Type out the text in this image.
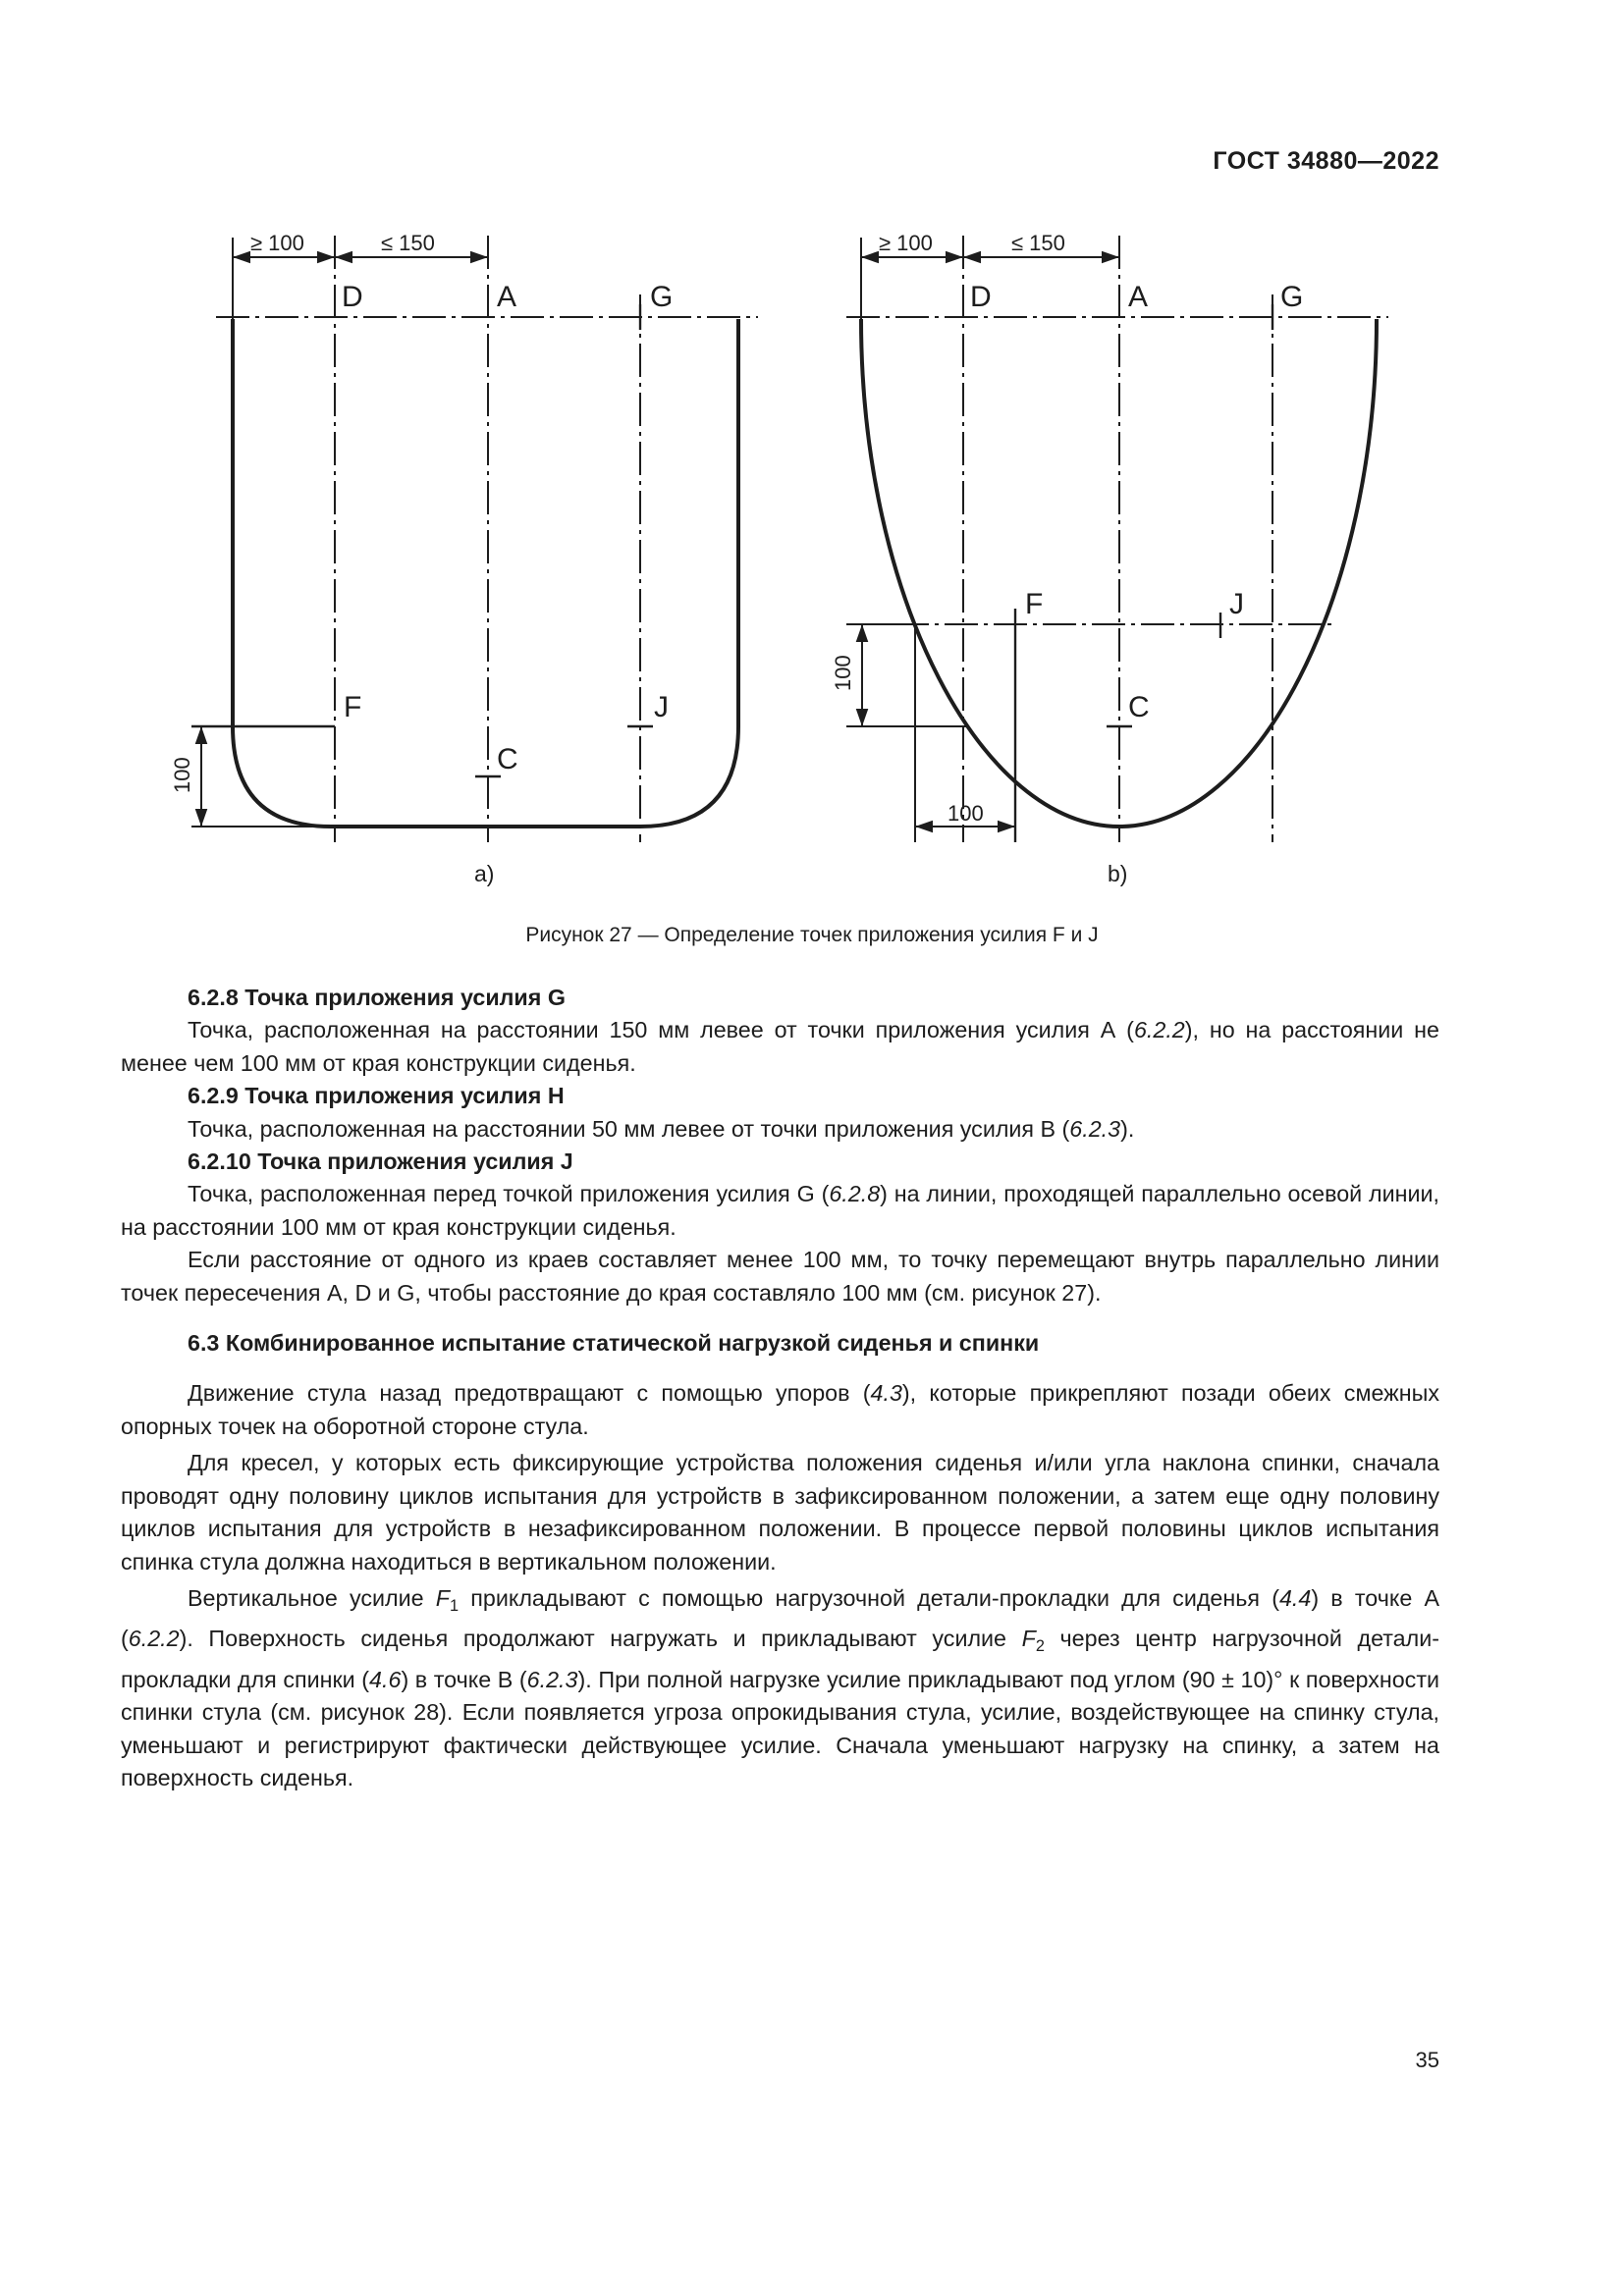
ГОСТ 34880—2022
≥ 100	≤ 150
D	A	G
F	J
C
100
a)
≥ 100	≤ 150
D	A	G
F	J
C
100
100
b)
Рисунок 27 — Определение точек приложения усилия F и J

6.2.8 Точка приложения усилия G

Точка, расположенная на расстоянии 150 мм левее от точки приложения усилия А (6.2.2), но на расстоянии не менее чем 100 мм от края конструкции сиденья.

6.2.9 Точка приложения усилия Н

Точка, расположенная на расстоянии 50 мм левее от точки приложения усилия В (6.2.3).

6.2.10 Точка приложения усилия J

Точка, расположенная перед точкой приложения усилия G (6.2.8) на линии, проходящей параллельно осевой линии, на расстоянии 100 мм от края конструкции сиденья.

Если расстояние от одного из краев составляет менее 100 мм, то точку перемещают внутрь параллельно линии точек пересечения А, D и G, чтобы расстояние до края составляло 100 мм (см. рисунок 27).

6.3 Комбинированное испытание статической нагрузкой сиденья и спинки

Движение стула назад предотвращают с помощью упоров (4.3), которые прикрепляют позади обеих смежных опорных точек на оборотной стороне стула.

Для кресел, у которых есть фиксирующие устройства положения сиденья и/или угла наклона спинки, сначала проводят одну половину циклов испытания для устройств в зафиксированном положении, а затем еще одну половину циклов испытания для устройств в незафиксированном положении. В процессе первой половины циклов испытания спинка стула должна находиться в вертикальном положении.

Вертикальное усилие $F_1$ прикладывают с помощью нагрузочной детали-прокладки для сиденья (4.4) в точке А (6.2.2). Поверхность сиденья продолжают нагружать и прикладывают усилие $F_2$ через центр нагрузочной детали-прокладки для спинки (4.6) в точке В (6.2.3). При полной нагрузке усилие прикладывают под углом (90 ± 10)° к поверхности спинки стула (см. рисунок 28). Если появляется угроза опрокидывания стула, усилие, воздействующее на спинку стула, уменьшают и регистрируют фактически действующее усилие. Сначала уменьшают нагрузку на спинку, а затем на поверхность сиденья.

35
